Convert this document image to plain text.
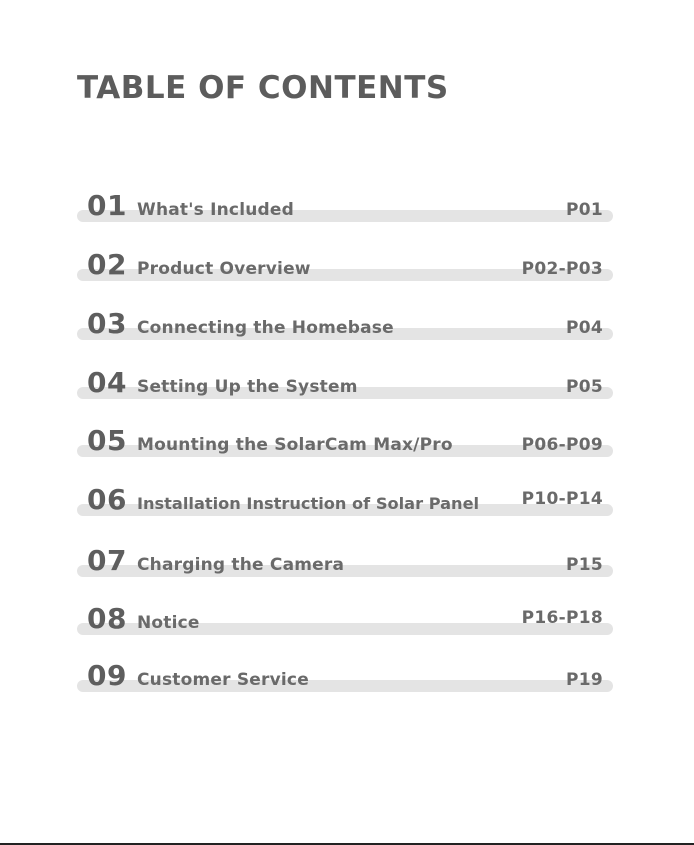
TABLE OF CONTENTS
01 What's Included	P01
02 Product Overview	P02-P03
03 Connecting the Homebase	P04
04 Setting Up the System	P05
05 Mounting the SolarCam Max/Pro	P06-P09
06 Installation Instruction of Solar Panel	P10-P14
07 Charging the Camera	P15
08 Notice	P16-P18
09 Customer Service	P19
